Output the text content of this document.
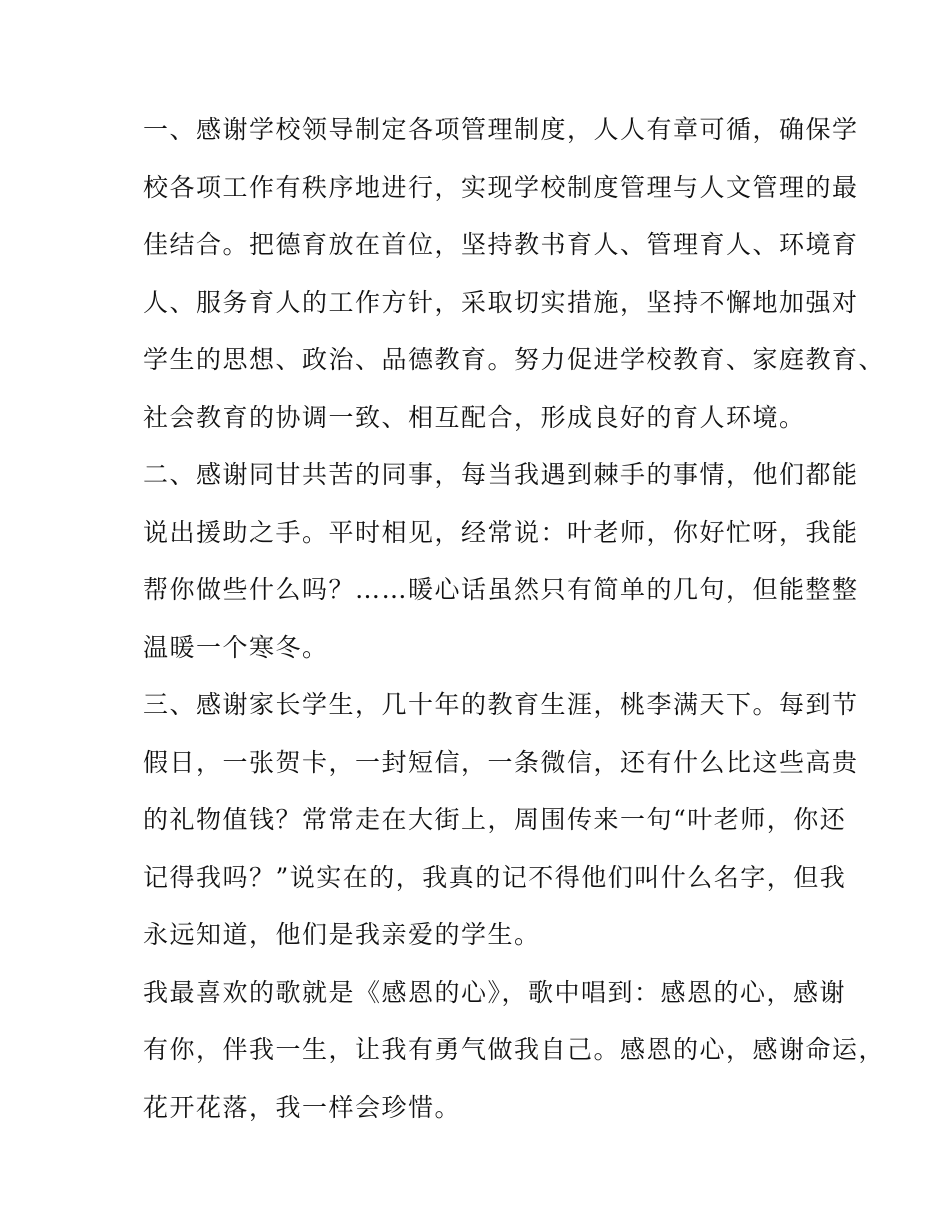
一、感谢学校领导制定各项管理制度，人人有章可循，确保学
校各项工作有秩序地进行，实现学校制度管理与人文管理的最
佳结合。把德育放在首位，坚持教书育人、管理育人、环境育
人、服务育人的工作方针，采取切实措施，坚持不懈地加强对
学生的思想、政治、品德教育。努力促进学校教育、家庭教育、
社会教育的协调一致、相互配合，形成良好的育人环境。
二、感谢同甘共苦的同事，每当我遇到棘手的事情，他们都能
说出援助之手。平时相见，经常说：叶老师，你好忙呀，我能
帮你做些什么吗？……暖心话虽然只有简单的几句，但能整整
温暖一个寒冬。
三、感谢家长学生，几十年的教育生涯，桃李满天下。每到节
假日，一张贺卡，一封短信，一条微信，还有什么比这些高贵
的礼物值钱？常常走在大街上，周围传来一句“叶老师，你还
记得我吗？”说实在的，我真的记不得他们叫什么名字，但我
永远知道，他们是我亲爱的学生。
我最喜欢的歌就是《感恩的心》，歌中唱到：感恩的心，感谢
有你，伴我一生，让我有勇气做我自己。感恩的心，感谢命运，
花开花落，我一样会珍惜。
